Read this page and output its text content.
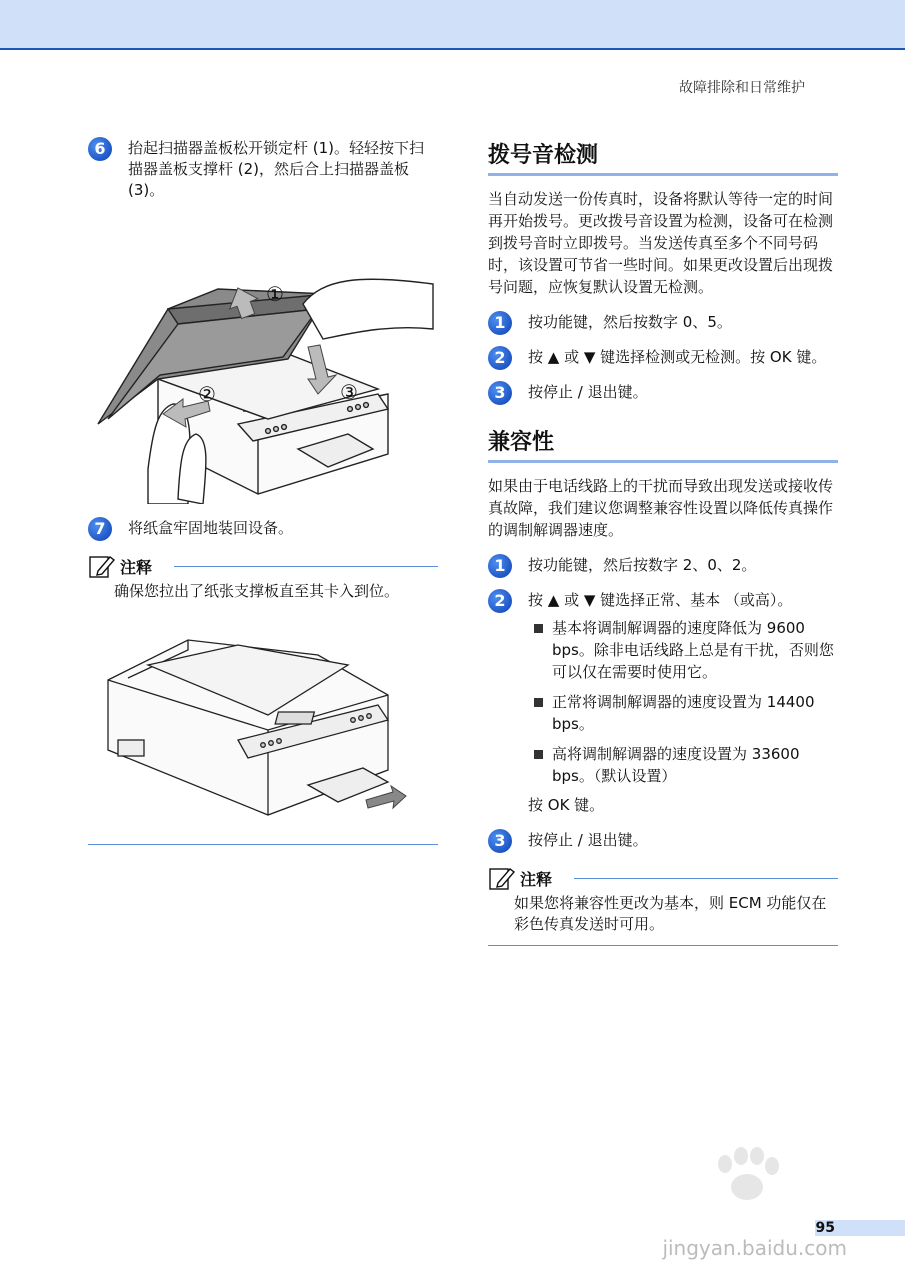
故障排除和日常维护
6	抬起扫描器盖板松开锁定杆 (1)。轻轻按下扫描器盖板支撑杆 (2)，然后合上扫描器盖板 (3)。
①
②	③
7	将纸盒牢固地装回设备。
注释
确保您拉出了纸张支撑板直至其卡入到位。
拨号音检测
当自动发送一份传真时，设备将默认等待一定的时间再开始拨号。更改拨号音设置为检测，设备可在检测到拨号音时立即拨号。当发送传真至多个不同号码时，该设置可节省一些时间。如果更改设置后出现拨号问题，应恢复默认设置无检测。
1	按功能键，然后按数字 0、5。
2	按 ▲ 或 ▼ 键选择检测或无检测。按 OK 键。
3	按停止 / 退出键。
兼容性
如果由于电话线路上的干扰而导致出现发送或接收传真故障，我们建议您调整兼容性设置以降低传真操作的调制解调器速度。
1	按功能键，然后按数字 2、0、2。
2	按 ▲ 或 ▼ 键选择正常、基本 （或高）。
基本将调制解调器的速度降低为 9600 bps。除非电话线路上总是有干扰，否则您可以仅在需要时使用它。
正常将调制解调器的速度设置为 14400 bps。
高将调制解调器的速度设置为 33600 bps。（默认设置）
按 OK 键。
3	按停止 / 退出键。
注释
如果您将兼容性更改为基本，则 ECM 功能仅在彩色传真发送时可用。
jingyan.baidu.com
95
